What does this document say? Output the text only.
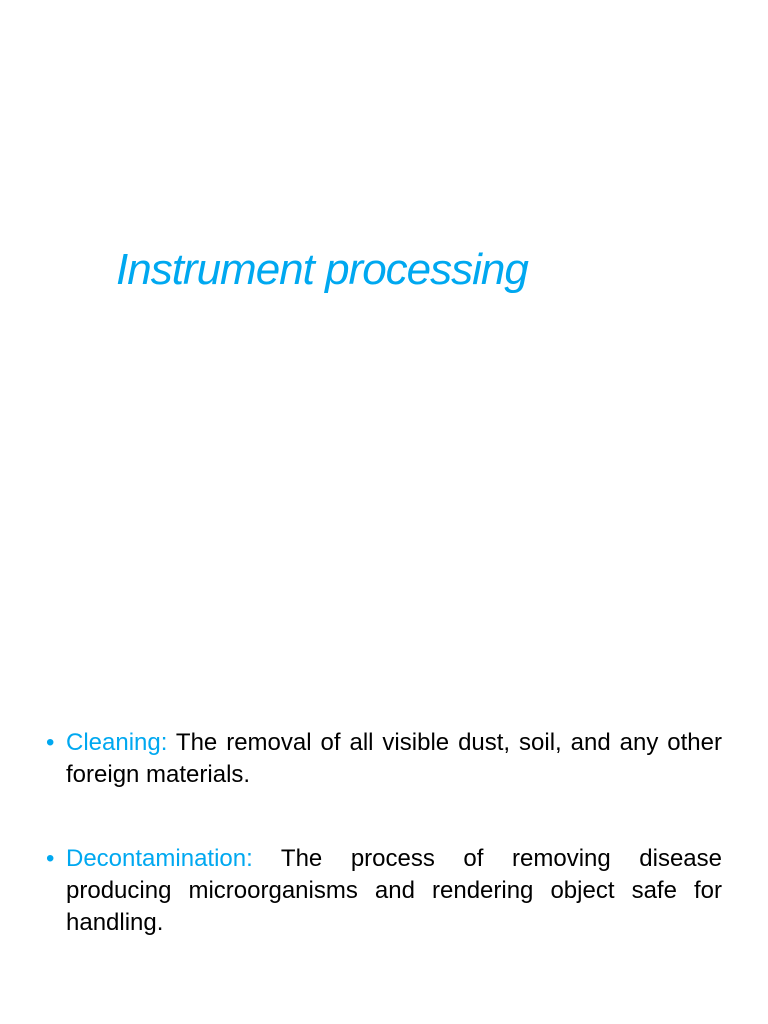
Instrument processing
• Cleaning: The removal of all visible dust, soil, and any other foreign materials.
• Decontamination: The process of removing disease producing microorganisms and rendering object safe for handling.
